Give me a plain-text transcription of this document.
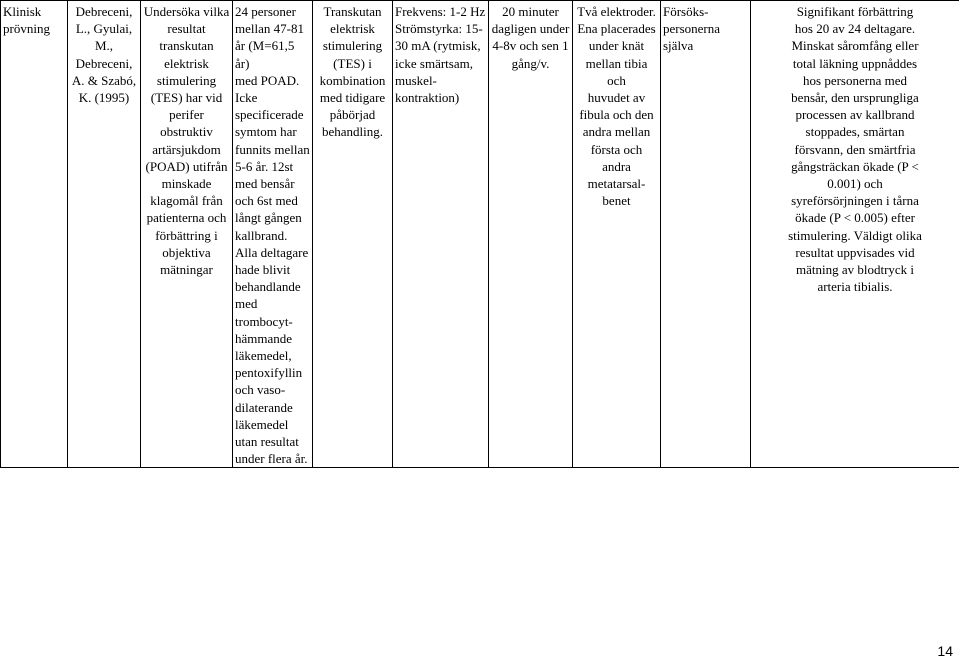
Klinisk
prövning

Debreceni,
L., Gyulai,
M.,
Debreceni,
A. & Szabó,
K. (1995)

Undersöka vilka
resultat
transkutan
elektrisk
stimulering
(TES) har vid
perifer
obstruktiv
artärsjukdom
(POAD) utifrån
minskade
klagomål från
patienterna och
förbättring i
objektiva
mätningar

24 personer
mellan 47-81
år (M=61,5 år)
med POAD.
Icke
specificerade
symtom har
funnits mellan
5-6 år. 12st
med bensår
och 6st med
långt gången
kallbrand.
Alla deltagare
hade blivit
behandlande
med
trombocyt-
hämmande
läkemedel,
pentoxifyllin
och vaso-
dilaterande
läkemedel
utan resultat
under flera år.

Transkutan
elektrisk
stimulering
(TES) i
kombination
med tidigare
påbörjad
behandling.

Frekvens: 1-2 Hz
Strömstyrka: 15-
30 mA (rytmisk,
icke smärtsam,
muskel-
kontraktion)

20 minuter
dagligen under
4-8v och sen 1
gång/v.

Två elektroder.
Ena placerades
under knät
mellan tibia och
huvudet av
fibula och den
andra mellan
första och andra
metatarsal-
benet

Försöks-
personerna
själva

Signifikant förbättring
hos 20 av 24 deltagare.
Minskat såromfång eller
total läkning uppnåddes
hos personerna med
bensår, den ursprungliga
processen av kallbrand
stoppades, smärtan
försvann, den smärtfria
gångsträckan ökade (P <
0.001) och
syreförsörjningen i tårna
ökade (P < 0.005) efter
stimulering. Väldigt olika
resultat uppvisades vid
mätning av blodtryck i
arteria tibialis.
14
